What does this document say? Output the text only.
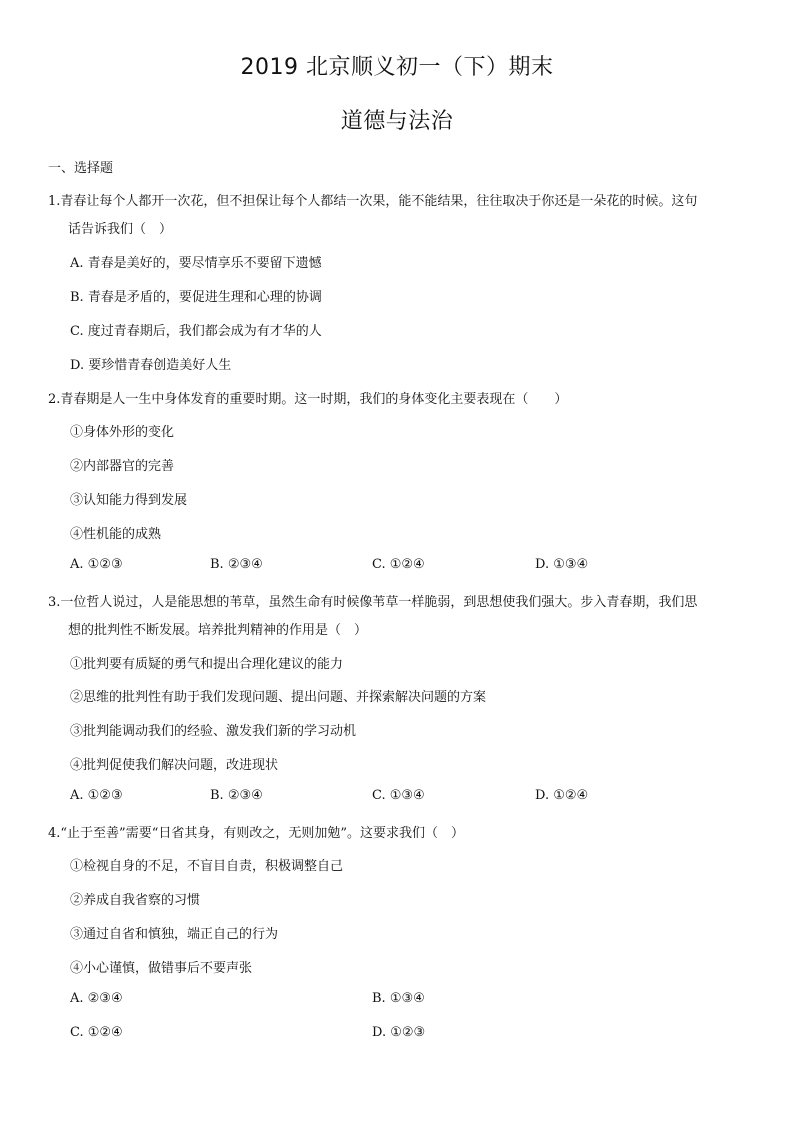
2019 北京顺义初一（下）期末
道德与法治
一、选择题
1.青春让每个人都开一次花，但不担保让每个人都结一次果，能不能结果，往往取决于你还是一朵花的时候。这句
话告诉我们（　）
A. 青春是美好的，要尽情享乐不要留下遗憾
B. 青春是矛盾的，要促进生理和心理的协调
C. 度过青春期后，我们都会成为有才华的人
D. 要珍惜青春创造美好人生
2.青春期是人一生中身体发育的重要时期。这一时期，我们的身体变化主要表现在（　　）
①身体外形的变化
②内部器官的完善
③认知能力得到发展
④性机能的成熟
A. ①②③	B. ②③④	C. ①②④	D. ①③④
3.一位哲人说过，人是能思想的苇草，虽然生命有时候像苇草一样脆弱，到思想使我们强大。步入青春期，我们思
想的批判性不断发展。培养批判精神的作用是（　）
①批判要有质疑的勇气和提出合理化建议的能力
②思维的批判性有助于我们发现问题、提出问题、并探索解决问题的方案
③批判能调动我们的经验、激发我们新的学习动机
④批判促使我们解决问题，改进现状
A. ①②③	B. ②③④	C. ①③④	D. ①②④
4.“止于至善”需要“日省其身，有则改之，无则加勉”。这要求我们（　）
①检视自身的不足，不盲目自责，积极调整自己
②养成自我省察的习惯
③通过自省和慎独，端正自己的行为
④小心谨慎，做错事后不要声张
A. ②③④	B. ①③④
C. ①②④	D. ①②③
